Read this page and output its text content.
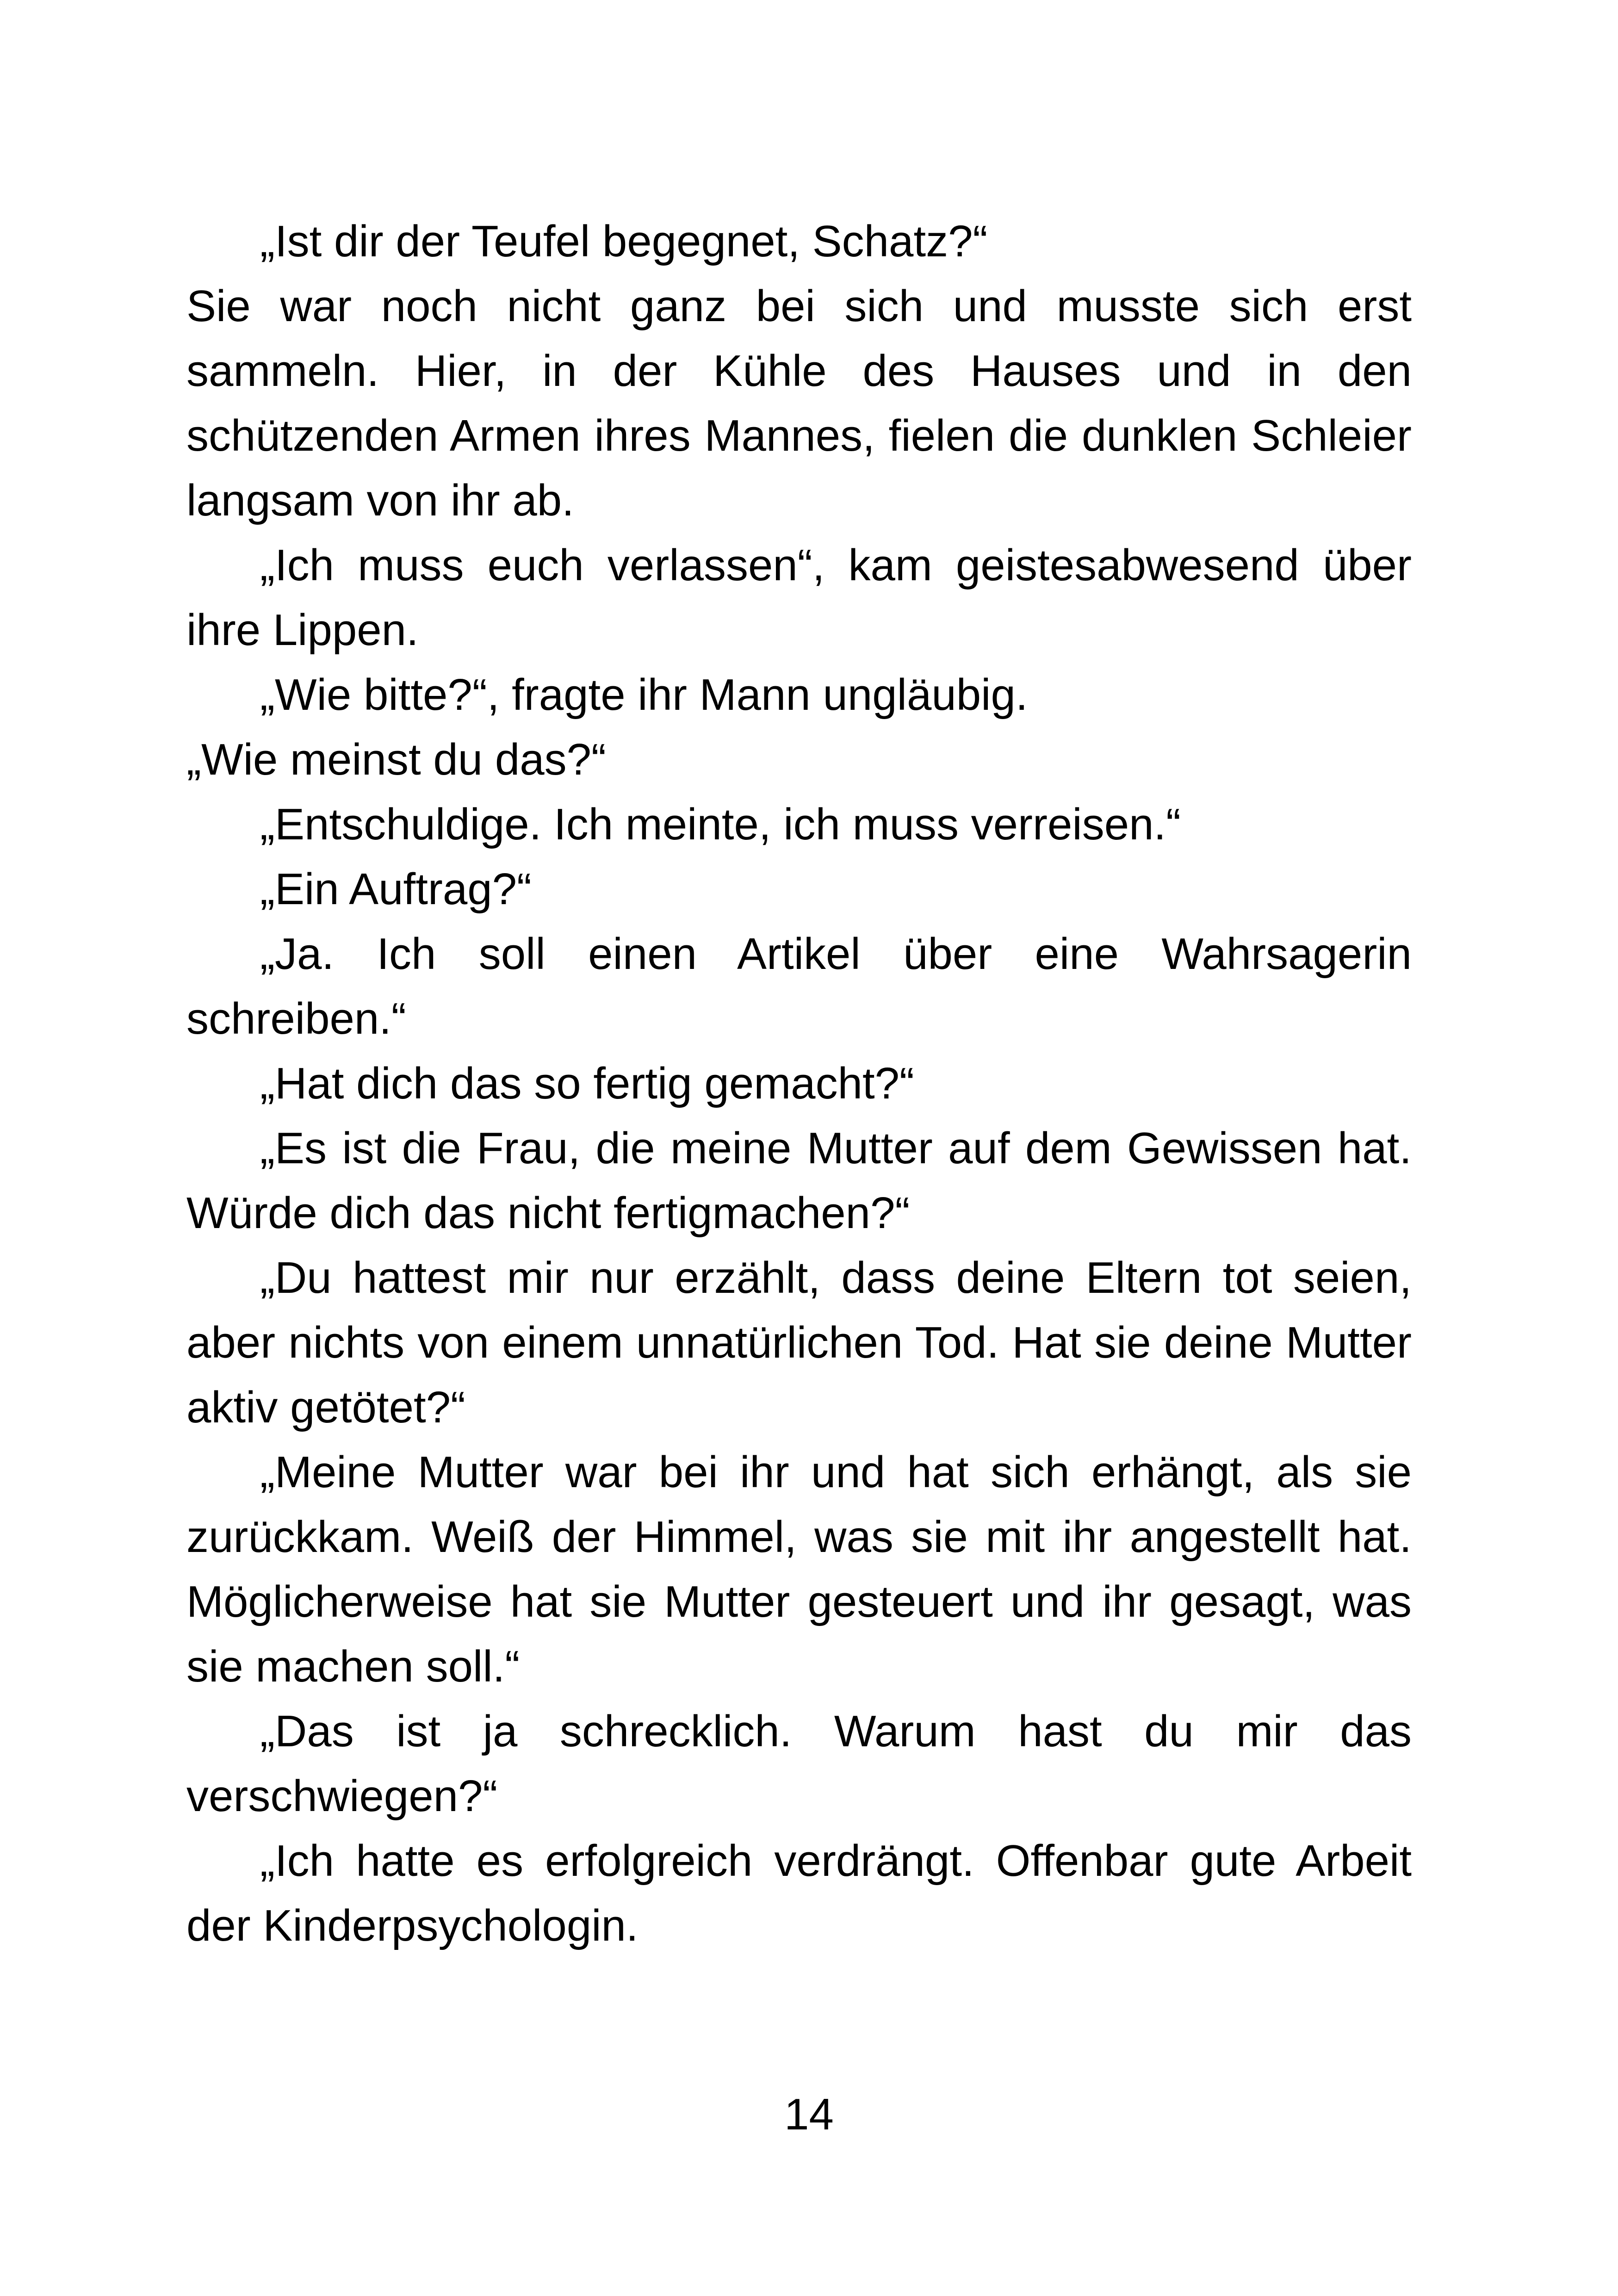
„Ist dir der Teufel begegnet, Schatz?“

Sie war noch nicht ganz bei sich und musste sich erst sammeln. Hier, in der Kühle des Hauses und in den schützenden Armen ihres Mannes, fielen die dunklen Schleier langsam von ihr ab.

„Ich muss euch verlassen“, kam geistesabwesend über ihre Lippen.

„Wie bitte?“, fragte ihr Mann ungläubig.

„Wie meinst du das?“

„Entschuldige. Ich meinte, ich muss verreisen.“

„Ein Auftrag?“

„Ja. Ich soll einen Artikel über eine Wahrsagerin schreiben.“

„Hat dich das so fertig gemacht?“

„Es ist die Frau, die meine Mutter auf dem Gewissen hat. Würde dich das nicht fertigmachen?“

„Du hattest mir nur erzählt, dass deine Eltern tot seien, aber nichts von einem unnatürlichen Tod. Hat sie deine Mutter aktiv getötet?“

„Meine Mutter war bei ihr und hat sich erhängt, als sie zurückkam. Weiß der Himmel, was sie mit ihr angestellt hat. Möglicherweise hat sie Mutter gesteuert und ihr gesagt, was sie machen soll.“

„Das ist ja schrecklich. Warum hast du mir das verschwiegen?“

„Ich hatte es erfolgreich verdrängt. Offenbar gute Arbeit der Kinderpsychologin.

14
